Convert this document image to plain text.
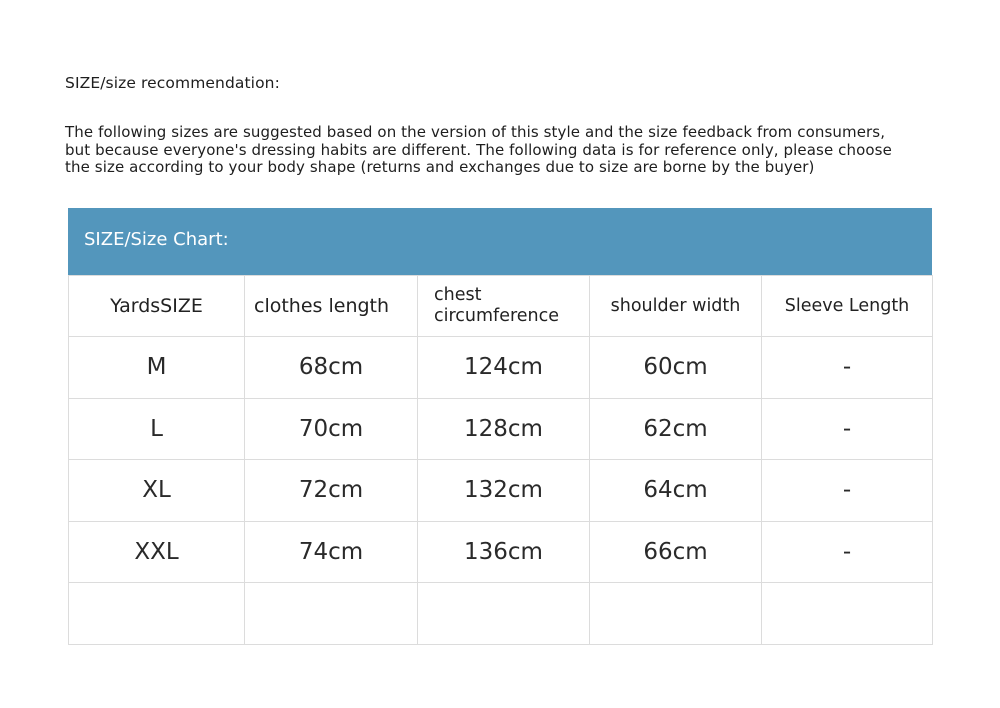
SIZE/size recommendation:
The following sizes are suggested based on the version of this style and the size feedback from consumers,
but because everyone's dressing habits are different. The following data is for reference only, please choose
the size according to your body shape (returns and exchanges due to size are borne by the buyer)
SIZE/Size Chart:
YardsSIZE	clothes length	chest circumference	shoulder width	Sleeve Length
M	68cm	124cm	60cm	-
L	70cm	128cm	62cm	-
XL	72cm	132cm	64cm	-
XXL	74cm	136cm	66cm	-
